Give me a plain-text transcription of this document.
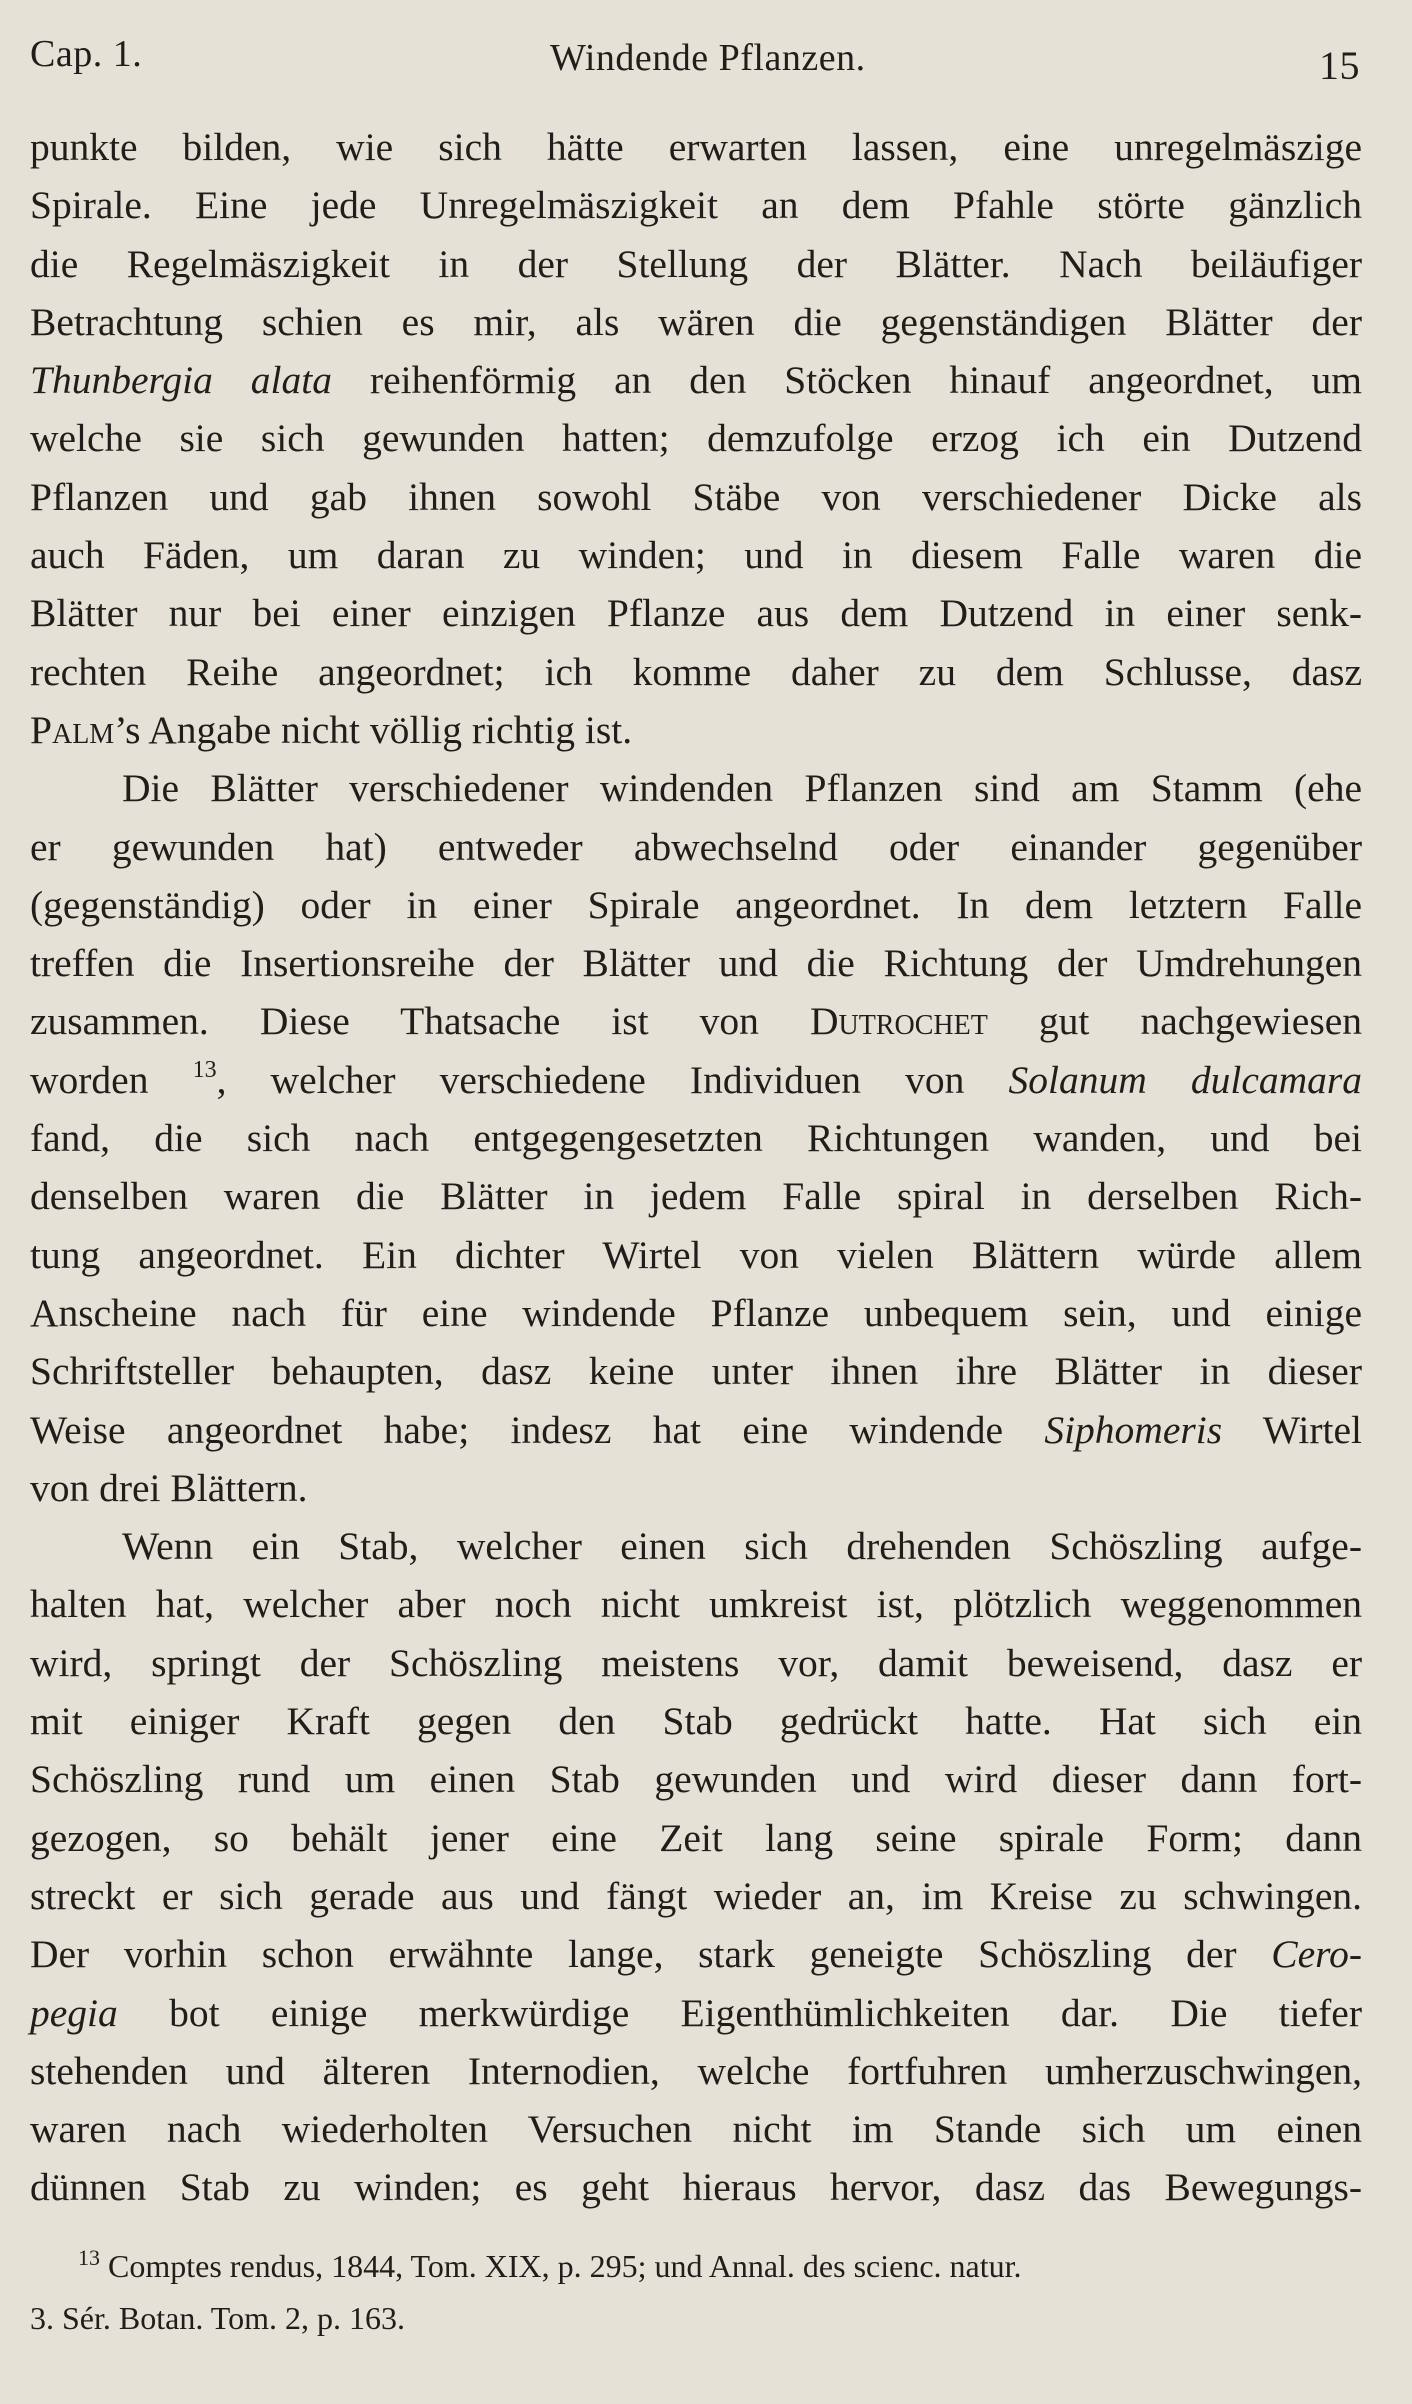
Cap. 1.	Windende Pflanzen.	15

punkte bilden, wie sich hätte erwarten lassen, eine unregelmäszige
Spirale. Eine jede Unregelmäszigkeit an dem Pfahle störte gänzlich
die Regelmäszigkeit in der Stellung der Blätter. Nach beiläufiger
Betrachtung schien es mir, als wären die gegenständigen Blätter der
Thunbergia alata reihenförmig an den Stöcken hinauf angeordnet, um
welche sie sich gewunden hatten; demzufolge erzog ich ein Dutzend
Pflanzen und gab ihnen sowohl Stäbe von verschiedener Dicke als
auch Fäden, um daran zu winden; und in diesem Falle waren die
Blätter nur bei einer einzigen Pflanze aus dem Dutzend in einer senk-
rechten Reihe angeordnet; ich komme daher zu dem Schlusse, dasz
Palm’s Angabe nicht völlig richtig ist.

Die Blätter verschiedener windenden Pflanzen sind am Stamm (ehe
er gewunden hat) entweder abwechselnd oder einander gegenüber
(gegenständig) oder in einer Spirale angeordnet. In dem letztern Falle
treffen die Insertionsreihe der Blätter und die Richtung der Umdrehungen
zusammen. Diese Thatsache ist von Dutrochet gut nachgewiesen
worden $^{13}$, welcher verschiedene Individuen von Solanum dulcamara
fand, die sich nach entgegengesetzten Richtungen wanden, und bei
denselben waren die Blätter in jedem Falle spiral in derselben Rich-
tung angeordnet. Ein dichter Wirtel von vielen Blättern würde allem
Anscheine nach für eine windende Pflanze unbequem sein, und einige
Schriftsteller behaupten, dasz keine unter ihnen ihre Blätter in dieser
Weise angeordnet habe; indesz hat eine windende Siphomeris Wirtel
von drei Blättern.

Wenn ein Stab, welcher einen sich drehenden Schöszling aufge-
halten hat, welcher aber noch nicht umkreist ist, plötzlich weggenommen
wird, springt der Schöszling meistens vor, damit beweisend, dasz er
mit einiger Kraft gegen den Stab gedrückt hatte. Hat sich ein
Schöszling rund um einen Stab gewunden und wird dieser dann fort-
gezogen, so behält jener eine Zeit lang seine spirale Form; dann
streckt er sich gerade aus und fängt wieder an, im Kreise zu schwingen.
Der vorhin schon erwähnte lange, stark geneigte Schöszling der Cero-
pegia bot einige merkwürdige Eigenthümlichkeiten dar. Die tiefer
stehenden und älteren Internodien, welche fortfuhren umherzuschwingen,
waren nach wiederholten Versuchen nicht im Stande sich um einen
dünnen Stab zu winden; es geht hieraus hervor, dasz das Bewegungs-

$^{13}$ Comptes rendus, 1844, Tom. XIX, p. 295; und Annal. des scienc. natur.
3. Sér. Botan. Tom. 2, p. 163.
